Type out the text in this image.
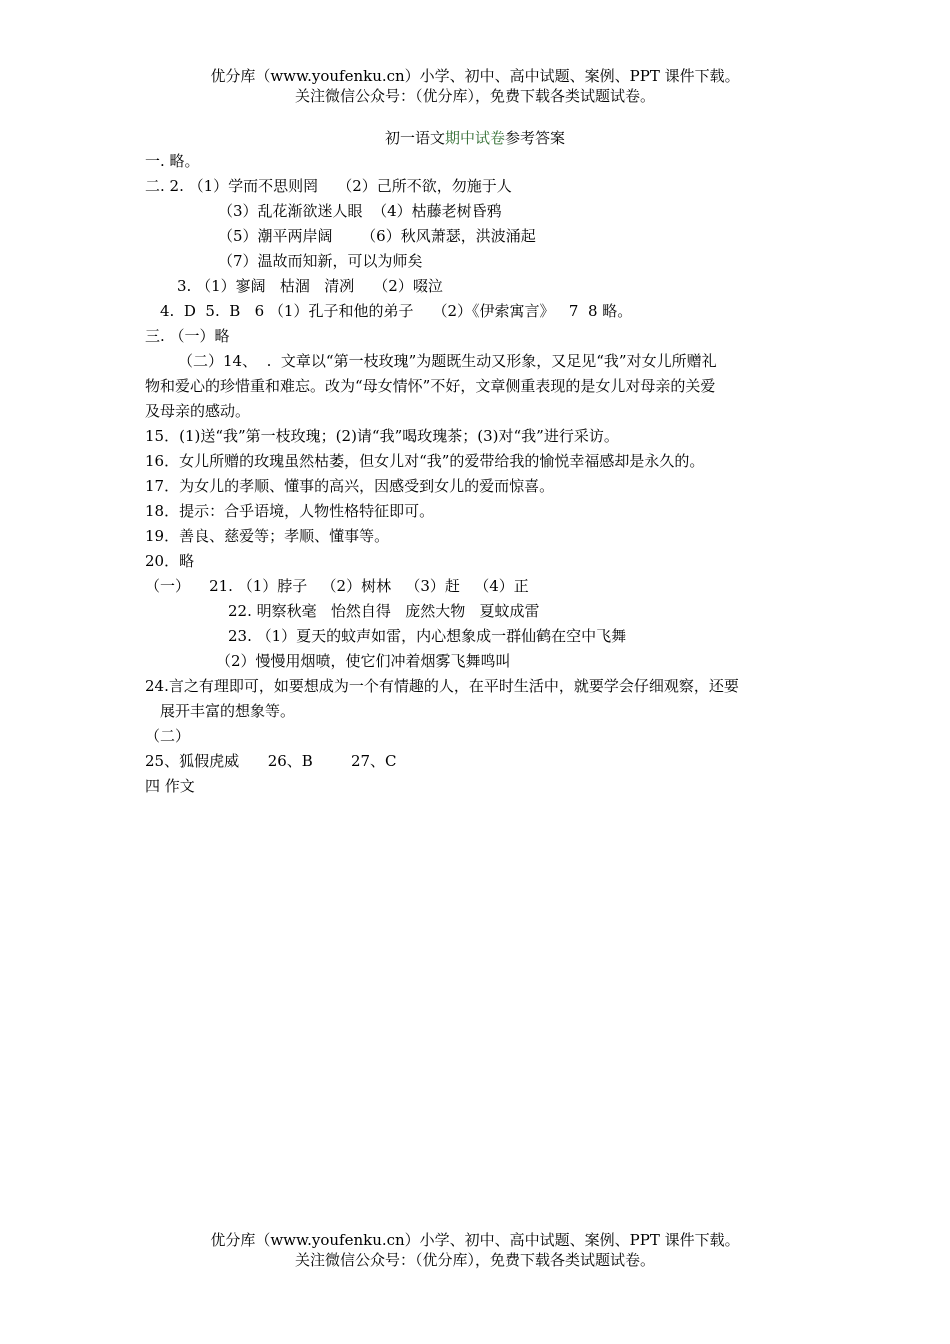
优分库（www.youfenku.cn）小学、初中、高中试题、案例、PPT 课件下载。
关注微信公众号：（优分库），免费下载各类试题试卷。
初一语文期中试卷参考答案
一. 略。
二. 2. （1）学而不思则罔    （2）己所不欲，勿施于人
（3）乱花渐欲迷人眼  （4）枯藤老树昏鸦
（5）潮平两岸阔      （6）秋风萧瑟，洪波涌起
（7）温故而知新，可以为师矣
3. （1）寥阔   枯涸   清冽    （2）啜泣
4.  D  5.  B   6 （1）孔子和他的弟子    （2）《伊索寓言》   7  8 略。
三. （一）略
（二）14、  .  文章以“第一枝玫瑰”为题既生动又形象，又足见“我”对女儿所赠礼
物和爱心的珍惜重和难忘。改为“母女情怀”不好，文章侧重表现的是女儿对母亲的关爱
及母亲的感动。
15．(1)送“我”第一枝玫瑰；(2)请“我”喝玫瑰茶；(3)对“我”进行采访。
16．女儿所赠的玫瑰虽然枯萎，但女儿对“我”的爱带给我的愉悦幸福感却是永久的。
17．为女儿的孝顺、懂事的高兴，因感受到女儿的爱而惊喜。
18．提示：合乎语境，人物性格特征即可。
19．善良、慈爱等；孝顺、懂事等。
20．略
（一）    21. （1）脖子   （2）树林   （3）赶   （4）正
22. 明察秋毫   怡然自得   庞然大物   夏蚊成雷
23. （1）夏天的蚊声如雷，内心想象成一群仙鹤在空中飞舞
（2）慢慢用烟喷，使它们冲着烟雾飞舞鸣叫
24.言之有理即可，如要想成为一个有情趣的人，在平时生活中，就要学会仔细观察，还要
展开丰富的想象等。
（二）
25、狐假虎威      26、B        27、C
四 作文
优分库（www.youfenku.cn）小学、初中、高中试题、案例、PPT 课件下载。
关注微信公众号：（优分库），免费下载各类试题试卷。
